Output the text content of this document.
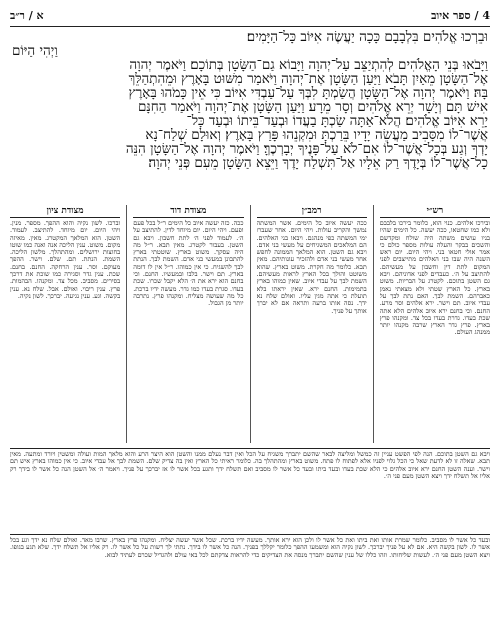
4 / ספר איוב
א / ר״ב
וּבֵרְכוּ אֱלֹהִים בִּלְבָבָם כָּכָה יַעֲשֶׂה אִיּוֹב כָּל־הַיָּמִים׃
וַיְהִי הַיּוֹם
וַיָּבֹאוּ בְּנֵי הָאֱלֹהִים לְהִתְיַצֵּב עַל־יְהוָה וַיָּבוֹא גַם־הַשָּׂטָן בְּתוֹכָם׃ וַיֹּאמֶר יְהוָה
אֶל־הַשָּׂטָן מֵאַיִן תָּבֹא וַיַּעַן הַשָּׂטָן אֶת־יְהוָה וַיֹּאמַר מִשּׁוּט בָּאָרֶץ וּמֵהִתְהַלֵּךְ
בָּהּ׃ וַיֹּאמֶר יְהוָה אֶל־הַשָּׂטָן הֲשַׂמְתָּ לִבְּךָ עַל־עַבְדִּי אִיּוֹב כִּי אֵין כָּמֹהוּ בָּאָרֶץ
אִישׁ תָּם וְיָשָׁר יְרֵא אֱלֹהִים וְסָר מֵרָע׃ וַיַּעַן הַשָּׂטָן אֶת־יְהוָה וַיֹּאמַר הַחִנָּם
יָרֵא אִיּוֹב אֱלֹהִים׃ הֲלֹא־אַתָּה שַׂכְתָּ בַעֲדוֹ וּבְעַד־בֵּיתוֹ וּבְעַד כָּל־
אֲשֶׁר־לוֹ מִסָּבִיב מַעֲשֵׂה יָדָיו בֵּרַכְתָּ וּמִקְנֵהוּ פָּרַץ בָּאָרֶץ׃ וְאוּלָם שְׁלַח־נָא
יָדְךָ וְגַע בְּכָל־אֲשֶׁר־לוֹ אִם־לֹא עַל־פָּנֶיךָ יְבָרְכֶךָּ׃ וַיֹּאמֶר יְהוָה אֶל־הַשָּׂטָן הִנֵּה
כָל־אֲשֶׁר־לוֹ בְּיָדֶךָ רַק אֵלָיו אַל־תִּשְׁלַח יָדֶךָ וַיֵּצֵא הַשָּׂטָן מֵעִם פְּנֵי יְהוָה׃
רש״י
ובירכו אלהים. כנוי הוא, כלומר בירכו בלבבם ולא כמו שחטאו, ככה יעשה. כל הימים שהיו בניו עושים משתה היה שולח ומקדשם והשכים בבקר והעלה עולות מספר כולם כי אמר אולי חטאו בני. ויהי היום. יום ראש השנה היה שבו בני האלהים מתייצבים לפני המקום לתת דין וחשבון על מעשיהם. להתיצב על ה׳. כעבדים לפני אדוניהם. ויבא גם השטן בתוכם. לקטרג על הבריות. משוט בארץ. כל הארץ שטתי ולא מצאתי נאמן כאברהם. השמת לבך. האם נתת לבך על עבדי איוב. תם וישר. ירא אלהים וסר מרע. החנם. וכי בחנם ירא איוב אלהים הלא אתה שכת בעדו. גדרת בעדו בכל צד. ומקנהו פרץ בארץ. פרץ גדר הארץ שרבה מקנהו יותר ממנהג העולם.
רמב״ן
ככה יעשה איוב כל הימים. אשר המשתה נמשך והקריב עולות. ויהי היום. אחר שעברו ימי המשתה כפי מנהגם. ויבאו בני האלהים. הם המלאכים המשגיחים על מעשי בני אדם. ויבא גם השטן. הוא המלאך הממונה לחפש אחר מעשי בני אדם ולהזכיר עונותיהם. מאין תבא. כלומר מה חקרת. משוט בארץ. שהוא משוטט והולך בכל הארץ לראות מעשיהם. השמת לבך על עבדי איוב. שאין כמוהו בארץ בתמימות. החנם ירא. שאין יראתו בלא תועלת כי אתה מגין עליו. ואולם שלח נא ידך. נסה אותו ברעה ותראה אם לא יברך אותך על פניך.
מצודת דוד
ככה. כזה יעשה איוב כל הימים ר״ל בכל פעם ופעם. ויהי היום. יום מיוחד לדין. להתיצב על ה׳. לעמוד לפני ה׳ לתת חשבון. ויבא גם השטן. בעבור לקטרג. מאין תבא. ר״ל מה היה עסקך. משוט בארץ. שוטטתי בארץ להתבונן במעשי בני אדם. השמת לבך. הנתת לבך להשגיח. כי אין כמוהו. ר״ל אין לו דומה בארץ. תם וישר. בלבו ובמעשיו. החנם. וכי בחנם הוא ירא את ה׳ הלא יקבל שכרו. שכת בעדו. סגרת בעדו כמו גדר. מעשה ידיו ברכת. כל מה שעושה מצליח. ומקנהו פרץ. נתרבה יותר מן הגבול.
מצודת ציון
וברכו. לשון נקיה והוא ההפך. מספר. מנין. ויהי היום. יום מיוחד. להתיצב. לעמוד. השטן. הוא המלאך המקטרג. מאין. מאיזה מקום. משוט. ענין הליכה אנה ואנה כמו שוטו בחוצות ירושלים. ומהתהלך. מלשון הליכה. השמת. הנתת. תם. שלם. וישר. ההפך מעוקם. וסר. ענין הרחקה. החנם. בחנם. שכת. ענין גדר וסגירה כמו שוכת את דרכך בסירים. מסביב. מכל צד. ומקנהו. הבהמות. פרץ. ענין ריבוי. ואולם. אבל. שלח נא. ענין בקשה. וגע. ענין נגיעה. יברכך. לשון נקיה.
ויבא גם השטן בתוכם. הנה לפי הפשט עניין זה כמשל ומליצה לבאר שהשם יתברך משגיח על הכל ואין דבר נעלם ממנו והשטן הוא היצר הרע והוא מלאך המות ועולה ומשטין ויורד ומתעה. מאין תבא. שאלה זו לא לדעת שאל כי הכל גלוי לפניו אלא לפתוח לו פתח. משוט בארץ ומהתהלך בה. כלומר ראיתי כל הארץ ואין בה צדיק שלם. השמת לבך אל עבדי איוב. כי אין כמוהו בארץ איש תם וישר. וענה השטן החנם ירא איוב אלהים כי הלא שכת בעדו ובעד ביתו ובעד כל אשר לו מסביב ואם תשלח ידך ותגע בכל אשר לו אז יברכך על פניך. ויאמר ה׳ אל השטן הנה כל אשר לו בידך רק אליו אל תשלח ידך ויצא השטן מעם פני ה׳.
ובעד כל אשר לו מסביב. כלומר שמרת אותו ואת ביתו ואת כל אשר לו ולכן הוא ירא אותך. מעשה ידיו ברכת. שכל אשר יעשה יצליח. ומקנהו פרץ בארץ. שרבו מאד. ואולם שלח נא ידך וגע בכל אשר לו. לשון בקשה היא. אם לא על פניך יברכך. לשון נקיה הוא ומשמעו ההפך כלומר יקללך בפניך. הנה כל אשר לו בידך. נתתי לך רשות על כל אשר לו. רק אליו אל תשלח ידך. שלא תגע בגופו. ויצא השטן מעם פני ה׳. לעשות שליחותו. וזהו כללו של ענין שהשם יתברך מנסה את הצדיקים כדי להראות צדקתם לכל באי עולם ולהגדיל שכרם לעתיד לבוא.
